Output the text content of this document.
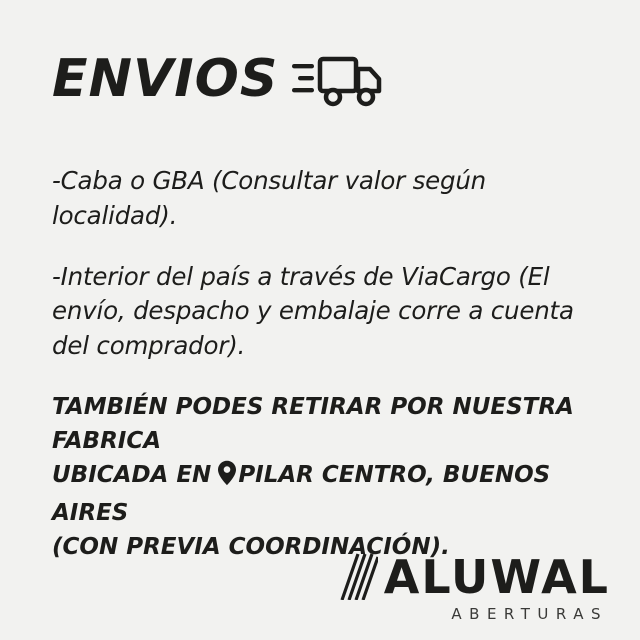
ENVIOS

-Caba o GBA (Consultar valor según localidad).

-Interior del país a través de ViaCargo (El envío, despacho y embalaje corre a cuenta del comprador).

TAMBIÉN PODES RETIRAR POR NUESTRA FABRICA
UBICADA EN PILAR CENTRO, BUENOS AIRES
(CON PREVIA COORDINACIÓN).
ALUWAL
ABERTURAS
